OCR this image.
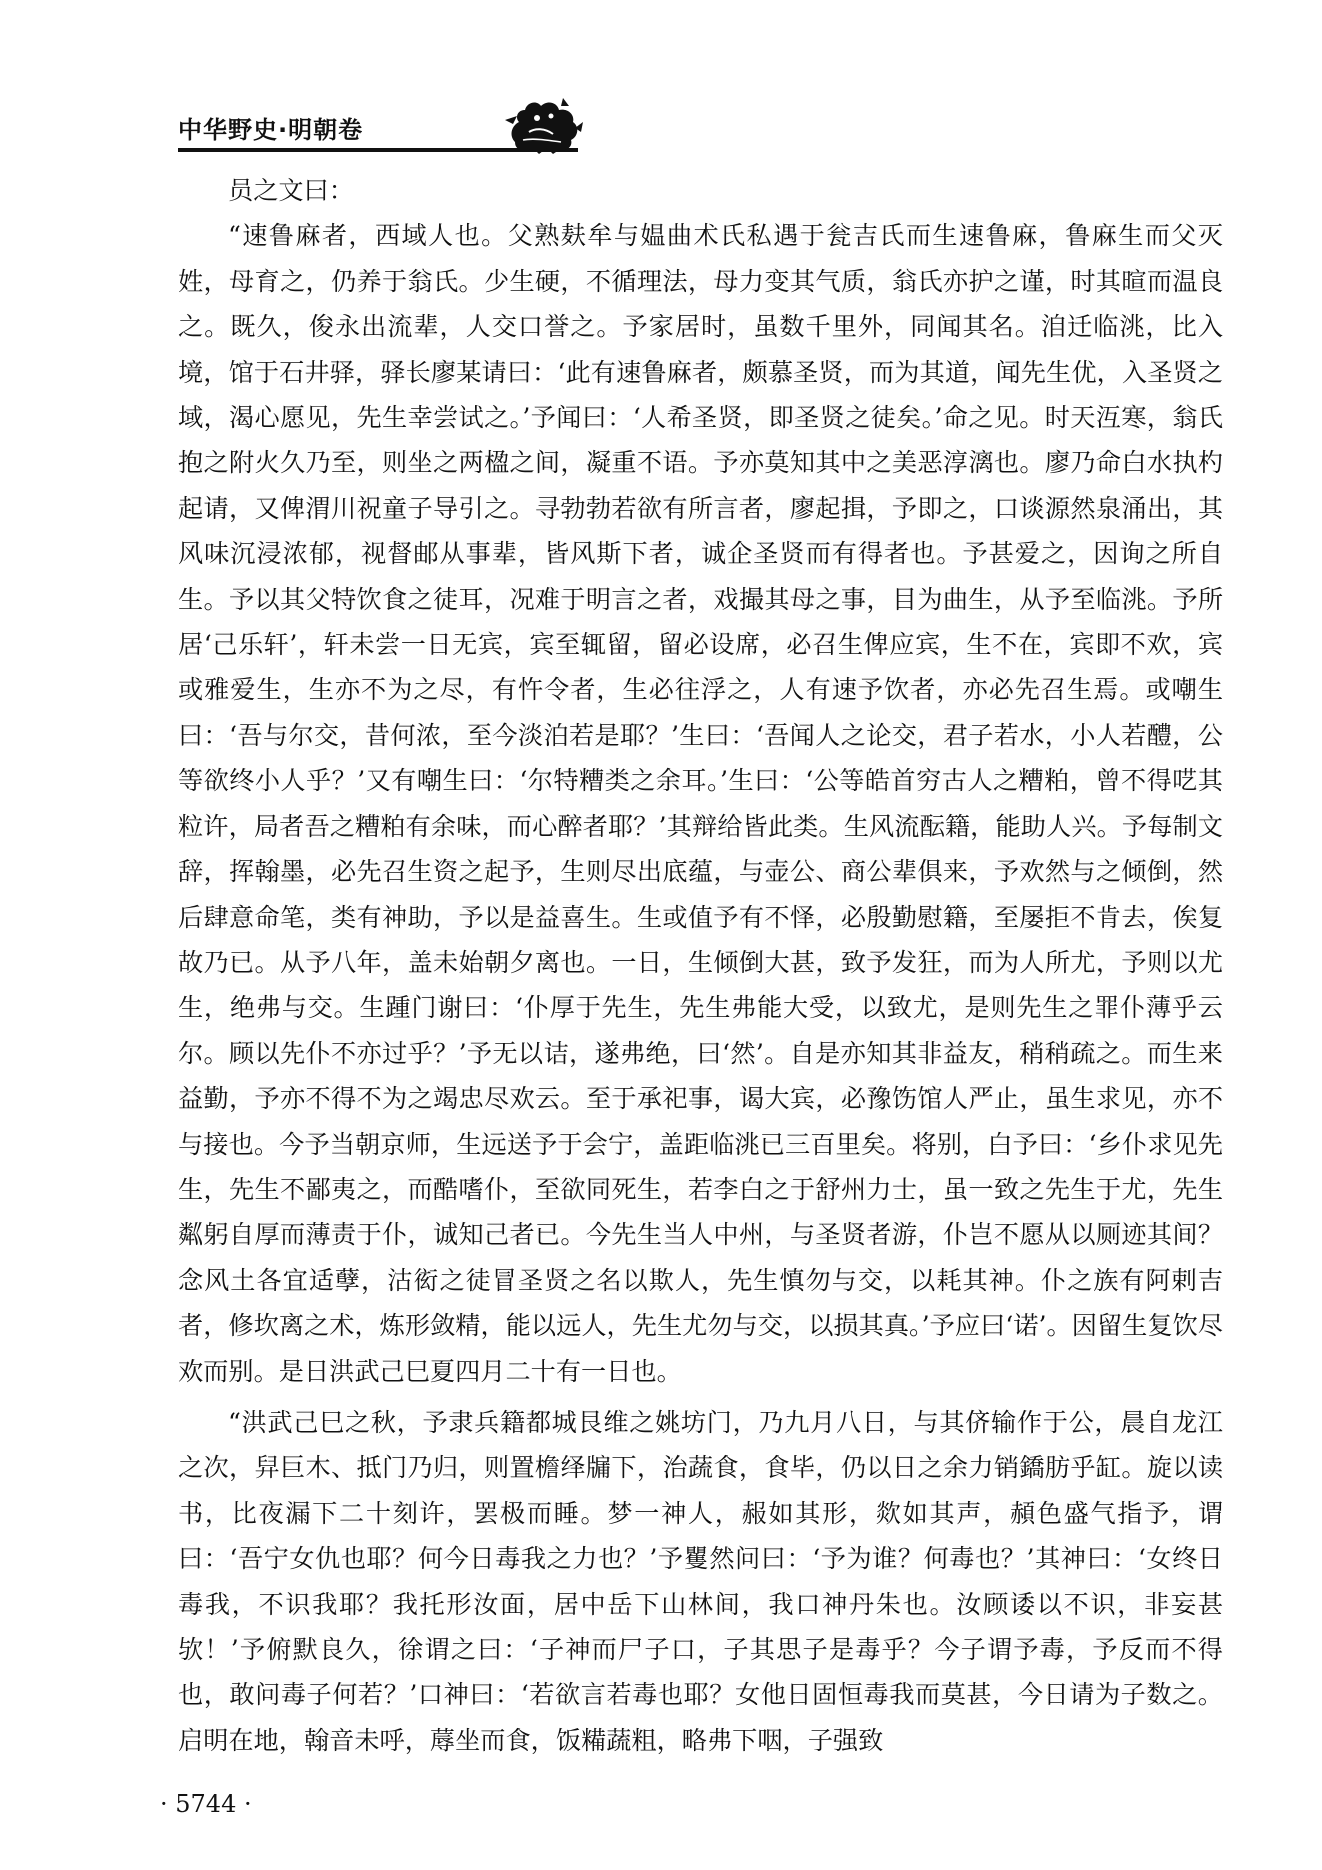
中华野史·明朝卷

员之文曰：

“速鲁麻者，西域人也。父熟麸牟与媪曲术氏私遇于瓮吉氏而生速鲁麻，鲁麻生而父灭姓，母育之，仍养于翁氏。少生硬，不循理法，母力变其气质，翁氏亦护之谨，时其暄而温良之。既久，俊永出流辈，人交口誉之。予家居时，虽数千里外，同闻其名。洎迁临洮，比入境，馆于石井驿，驿长廖某请曰：‘此有速鲁麻者，颇慕圣贤，而为其道，闻先生优，入圣贤之域，渴心愿见，先生幸尝试之。’予闻曰：‘人希圣贤，即圣贤之徒矣。’命之见。时天沍寒，翁氏抱之附火久乃至，则坐之两楹之间，凝重不语。予亦莫知其中之美恶淳漓也。廖乃命白水执杓起请，又俾渭川祝童子导引之。寻勃勃若欲有所言者，廖起揖，予即之，口谈源然泉涌出，其风味沉浸浓郁，视督邮从事辈，皆风斯下者，诚企圣贤而有得者也。予甚爱之，因询之所自生。予以其父特饮食之徒耳，况难于明言之者，戏撮其母之事，目为曲生，从予至临洮。予所居‘己乐轩’，轩未尝一日无宾，宾至辄留，留必设席，必召生俾应宾，生不在，宾即不欢，宾或雅爱生，生亦不为之尽，有忤令者，生必往浮之，人有速予饮者，亦必先召生焉。或嘲生曰：‘吾与尔交，昔何浓，至今淡泊若是耶？’生曰：‘吾闻人之论交，君子若水，小人若醴，公等欲终小人乎？’又有嘲生曰：‘尔特糟类之余耳。’生曰：‘公等皓首穷古人之糟粕，曾不得呓其粒许，局者吾之糟粕有余味，而心醉者耶？’其辩给皆此类。生风流酝籍，能助人兴。予每制文辞，挥翰墨，必先召生资之起予，生则尽出底蕴，与壶公、商公辈俱来，予欢然与之倾倒，然后肆意命笔，类有神助，予以是益喜生。生或值予有不怿，必殷勤慰籍，至屡拒不肯去，俟复故乃已。从予八年，盖未始朝夕离也。一日，生倾倒大甚，致予发狂，而为人所尤，予则以尤生，绝弗与交。生踵门谢曰：‘仆厚于先生，先生弗能大受，以致尤，是则先生之罪仆薄乎云尔。顾以先仆不亦过乎？’予无以诘，遂弗绝，曰‘然’。自是亦知其非益友，稍稍疏之。而生来益勤，予亦不得不为之竭忠尽欢云。至于承祀事，谒大宾，必豫饬馆人严止，虽生求见，亦不与接也。今予当朝京师，生远送予于会宁，盖距临洮已三百里矣。将别，白予曰：‘乡仆求见先生，先生不鄙夷之，而酷嗜仆，至欲同死生，若李白之于舒州力士，虽一致之先生于尤，先生粼躬自厚而薄责于仆，诚知己者已。今先生当人中州，与圣贤者游，仆岂不愿从以厕迹其间？念风土各宜适孽，沽衒之徒冒圣贤之名以欺人，先生慎勿与交，以耗其神。仆之族有阿剌吉者，修坎离之术，炼形敛精，能以远人，先生尤勿与交，以损其真。’予应曰‘诺’。因留生复饮尽欢而别。是日洪武己巳夏四月二十有一日也。

“洪武己巳之秋，予隶兵籍都城艮维之姚坊门，乃九月八日，与其侪输作于公，晨自龙江之次，舁巨木、抵门乃归，则置檐绎牖下，治蔬食，食毕，仍以日之余力销鐈肪乎缸。旋以读书，比夜漏下二十刻许，罢极而睡。梦一神人，赧如其形，欻如其声，頳色盛气指予，谓曰：‘吾宁女仇也耶？何今日毒我之力也？’予矍然问曰：‘予为谁？何毒也？’其神曰：‘女终日毒我，不识我耶？我托形汝面，居中岳下山林间，我口神丹朱也。汝顾诿以不识，非妄甚欤！’予俯默良久，徐谓之曰：‘子神而尸子口，子其思子是毒乎？今子谓予毒，予反而不得也，敢问毒子何若？’口神曰：‘若欲言若毒也耶？女他日固恒毒我而莫甚，今日请为子数之。启明在地，翰音未呼，蓐坐而食，饭糒蔬粗，略弗下咽，子强致

· 5744 ·
